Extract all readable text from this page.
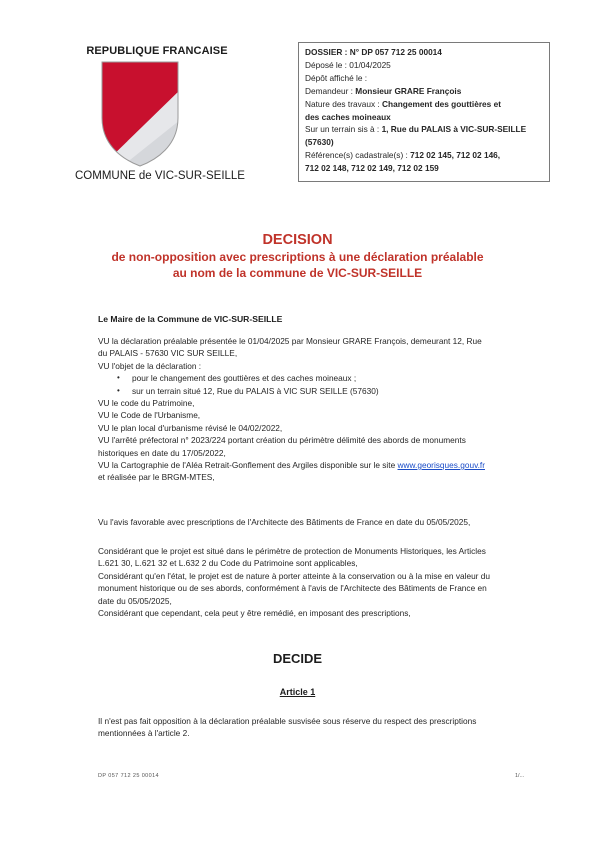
REPUBLIQUE FRANCAISE
COMMUNE de VIC-SUR-SEILLE
DOSSIER : N° DP 057 712 25 00014
Déposé le : 01/04/2025
Dépôt affiché le :
Demandeur : Monsieur GRARE François
Nature des travaux : Changement des gouttières et
des caches moineaux
Sur un terrain sis à : 1, Rue du PALAIS à VIC-SUR-SEILLE
(57630)
Référence(s) cadastrale(s) : 712 02 145, 712 02 146,
712 02 148, 712 02 149, 712 02 159
DECISION
de non-opposition avec prescriptions à une déclaration préalable
au nom de la commune de VIC-SUR-SEILLE
Le Maire de la Commune de VIC-SUR-SEILLE
VU la déclaration préalable présentée le 01/04/2025 par Monsieur GRARE François, demeurant 12, Rue
du PALAIS - 57630 VIC SUR SEILLE,
VU l'objet de la déclaration :
• pour le changement des gouttières et des caches moineaux ;
• sur un terrain situé 12, Rue du PALAIS à VIC SUR SEILLE (57630)
VU le code du Patrimoine,
VU le Code de l'Urbanisme,
VU le plan local d'urbanisme révisé le 04/02/2022,
VU l'arrêté préfectoral n° 2023/224 portant création du périmètre délimité des abords de monuments
historiques en date du 17/05/2022,
VU la Cartographie de l'Aléa Retrait-Gonflement des Argiles disponible sur le site www.georisques.gouv.fr
et réalisée par le BRGM-MTES,
Vu l'avis favorable avec prescriptions de l'Architecte des Bâtiments de France en date du 05/05/2025,
Considérant que le projet est situé dans le périmètre de protection de Monuments Historiques, les Articles
L.621 30, L.621 32 et L.632 2 du Code du Patrimoine sont applicables,
Considérant qu'en l'état, le projet est de nature à porter atteinte à la conservation ou à la mise en valeur du
monument historique ou de ses abords, conformément à l'avis de l'Architecte des Bâtiments de France en
date du 05/05/2025,
Considérant que cependant, cela peut y être remédié, en imposant des prescriptions,
DECIDE
Article 1
Il n'est pas fait opposition à la déclaration préalable susvisée sous réserve du respect des prescriptions
mentionnées à l'article 2.
DP 057 712 25 00014	1/...
